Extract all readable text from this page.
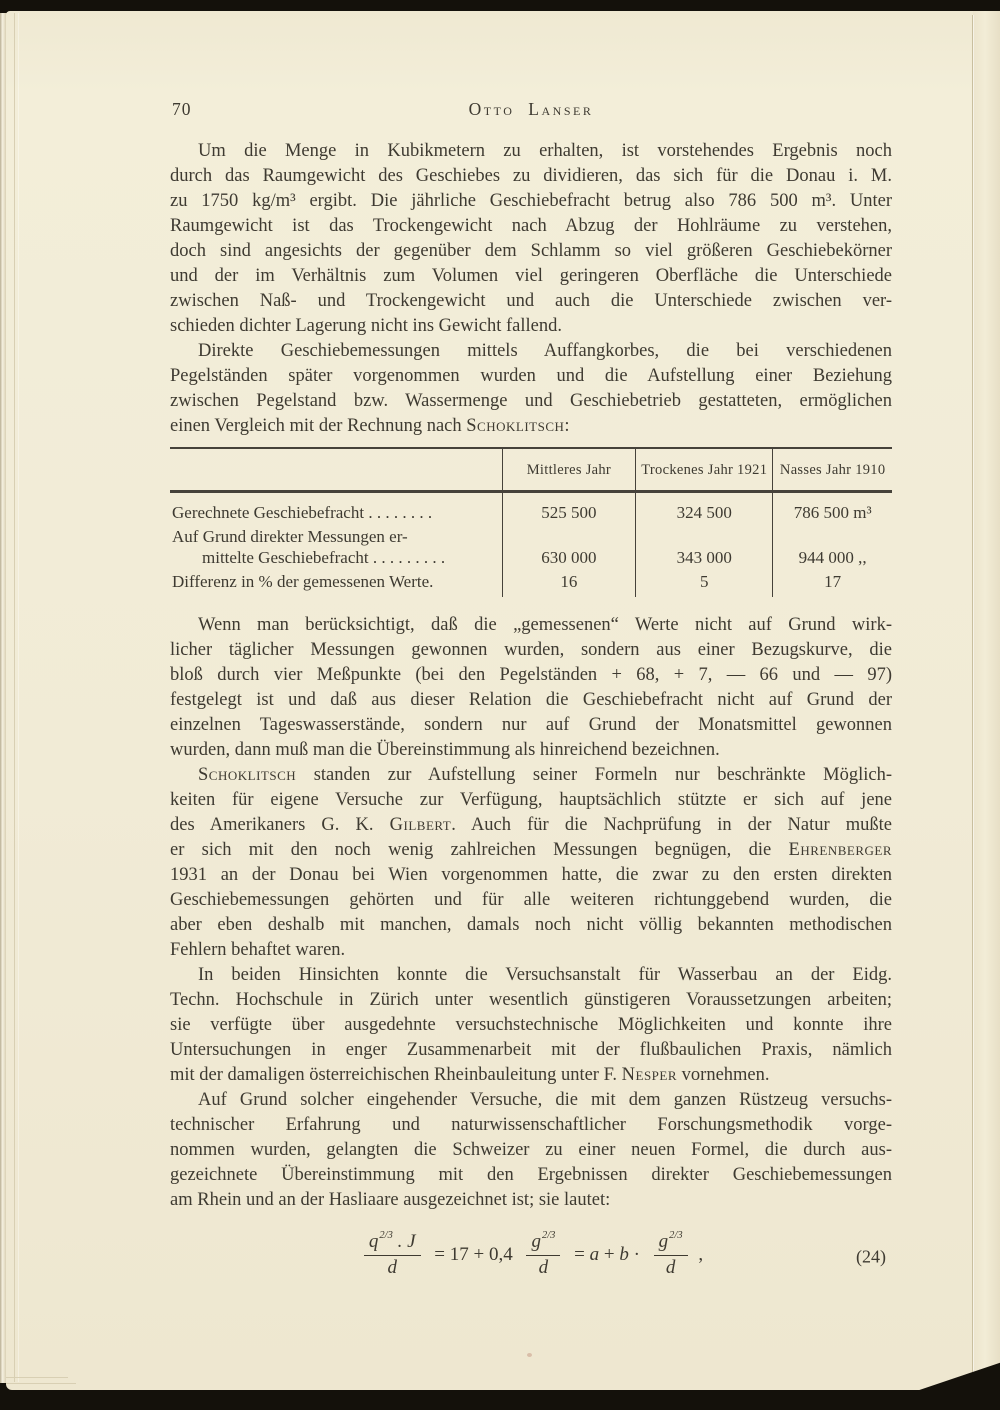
70	Otto Lanser
Um die Menge in Kubikmetern zu erhalten, ist vorstehendes Ergebnis noch
durch das Raumgewicht des Geschiebes zu dividieren, das sich für die Donau i. M.
zu 1750 kg/m³ ergibt. Die jährliche Geschiebefracht betrug also 786 500 m³. Unter
Raumgewicht ist das Trockengewicht nach Abzug der Hohlräume zu verstehen,
doch sind angesichts der gegenüber dem Schlamm so viel größeren Geschiebekörner
und der im Verhältnis zum Volumen viel geringeren Oberfläche die Unterschiede
zwischen Naß- und Trockengewicht und auch die Unterschiede zwischen ver-
schieden dichter Lagerung nicht ins Gewicht fallend.
Direkte Geschiebemessungen mittels Auffangkorbes, die bei verschiedenen
Pegelständen später vorgenommen wurden und die Aufstellung einer Beziehung
zwischen Pegelstand bzw. Wassermenge und Geschiebetrieb gestatteten, ermöglichen
einen Vergleich mit der Rechnung nach Schoklitsch:
	Mittleres Jahr	Trockenes Jahr 1921	Nasses Jahr 1910
Gerechnete Geschiebefracht . . . . . . . .	525 500	324 500	786 500 m³

Auf Grund direkter Messungen er-
mittelte Geschiebefracht . . . . . . . . .	630 000	343 000	944 000 ,,
Differenz in % der gemessenen Werte.	16	5	17
Wenn man berücksichtigt, daß die „gemessenen“ Werte nicht auf Grund wirk-
licher täglicher Messungen gewonnen wurden, sondern aus einer Bezugskurve, die
bloß durch vier Meßpunkte (bei den Pegelständen + 68, + 7, — 66 und — 97)
festgelegt ist und daß aus dieser Relation die Geschiebefracht nicht auf Grund der
einzelnen Tageswasserstände, sondern nur auf Grund der Monatsmittel gewonnen
wurden, dann muß man die Übereinstimmung als hinreichend bezeichnen.
Schoklitsch standen zur Aufstellung seiner Formeln nur beschränkte Möglich-
keiten für eigene Versuche zur Verfügung, hauptsächlich stützte er sich auf jene
des Amerikaners G. K. Gilbert. Auch für die Nachprüfung in der Natur mußte
er sich mit den noch wenig zahlreichen Messungen begnügen, die Ehrenberger
1931 an der Donau bei Wien vorgenommen hatte, die zwar zu den ersten direkten
Geschiebemessungen gehörten und für alle weiteren richtunggebend wurden, die
aber eben deshalb mit manchen, damals noch nicht völlig bekannten methodischen
Fehlern behaftet waren.
In beiden Hinsichten konnte die Versuchsanstalt für Wasserbau an der Eidg.
Techn. Hochschule in Zürich unter wesentlich günstigeren Voraussetzungen arbeiten;
sie verfügte über ausgedehnte versuchstechnische Möglichkeiten und konnte ihre
Untersuchungen in enger Zusammenarbeit mit der flußbaulichen Praxis, nämlich
mit der damaligen österreichischen Rheinbauleitung unter F. Nesper vornehmen.
Auf Grund solcher eingehender Versuche, die mit dem ganzen Rüstzeug versuchs-
technischer Erfahrung und naturwissenschaftlicher Forschungsmethodik vorge-
nommen wurden, gelangten die Schweizer zu einer neuen Formel, die durch aus-
gezeichnete Übereinstimmung mit den Ergebnissen direkter Geschiebemessungen
am Rhein und an der Hasliaare ausgezeichnet ist; sie lautet:
$\frac{q^{2/3} . J}{d} = 17 + 0,4 \frac{g^{2/3}}{d} = a + b \cdot \frac{g^{2/3}}{d}$ ,	(24)
